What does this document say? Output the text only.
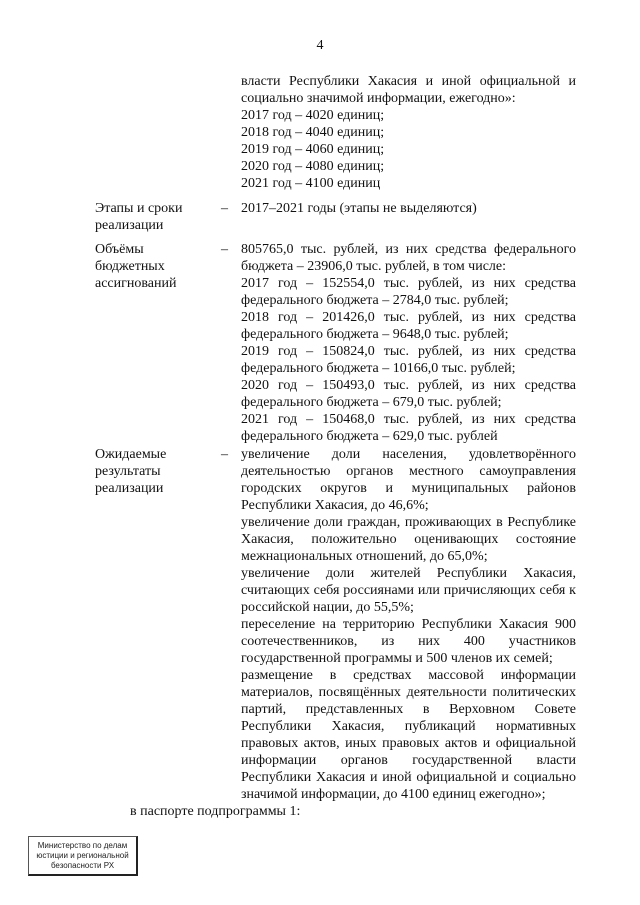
4
власти Республики Хакасия и иной официальной и
социально значимой информации, ежегодно»:
2017 год – 4020 единиц;
2018 год – 4040 единиц;
2019 год – 4060 единиц;
2020 год – 4080 единиц;
2021 год – 4100 единиц
Этапы и сроки
реализации
– 2017–2021 годы (этапы не выделяются)
Объёмы
бюджетных
ассигнований
– 805765,0 тыс. рублей, из них средства федерального
бюджета – 23906,0 тыс. рублей, в том числе:
2017 год – 152554,0 тыс. рублей, из них средства
федерального бюджета – 2784,0 тыс. рублей;
2018 год – 201426,0 тыс. рублей, из них средства
федерального бюджета – 9648,0 тыс. рублей;
2019 год – 150824,0 тыс. рублей, из них средства
федерального бюджета – 10166,0 тыс. рублей;
2020 год – 150493,0 тыс. рублей, из них средства
федерального бюджета – 679,0 тыс. рублей;
2021 год – 150468,0 тыс. рублей, из них средства
федерального бюджета – 629,0 тыс. рублей
Ожидаемые
результаты
реализации
– увеличение доли населения, удовлетворённого
деятельностью органов местного самоуправления
городских округов и муниципальных районов
Республики Хакасия, до 46,6%;
увеличение доли граждан, проживающих в Республике
Хакасия, положительно оценивающих состояние
межнациональных отношений, до 65,0%;
увеличение доли жителей Республики Хакасия,
считающих себя россиянами или причисляющих себя к
российской нации, до 55,5%;
переселение на территорию Республики Хакасия 900
соотечественников, из них 400 участников
государственной программы и 500 членов их семей;
размещение в средствах массовой информации
материалов, посвящённых деятельности политических
партий, представленных в Верховном Совете
Республики Хакасия, публикаций нормативных
правовых актов, иных правовых актов и официальной
информации органов государственной власти
Республики Хакасия и иной официальной и социально
значимой информации, до 4100 единиц ежегодно»;
в паспорте подпрограммы 1:
Министерство по делам
юстиции и региональной
безопасности РХ
